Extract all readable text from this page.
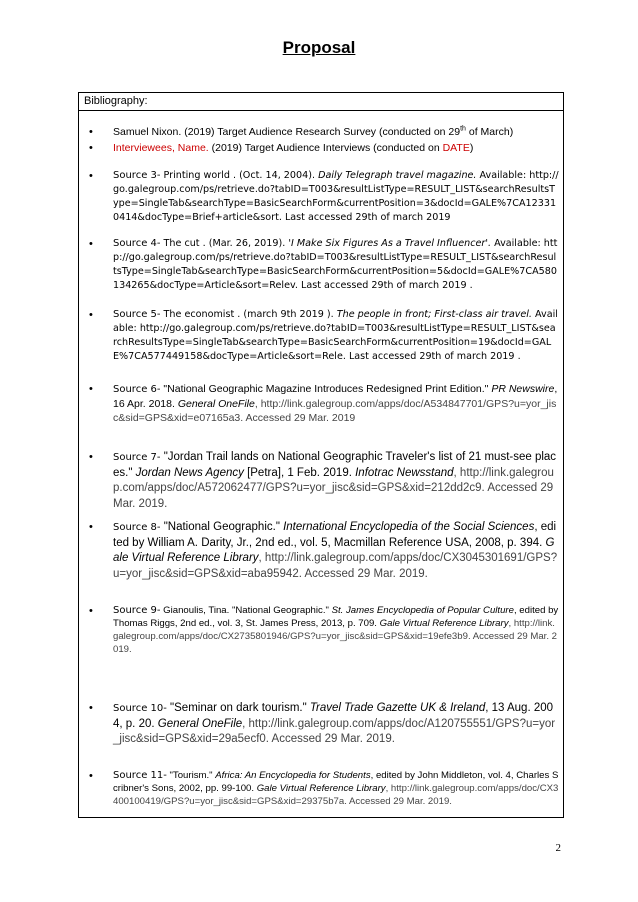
Proposal
Bibliography:
• Samuel Nixon. (2019) Target Audience Research Survey (conducted on 29th of March)
• Interviewees, Name. (2019) Target Audience Interviews (conducted on DATE)
• Source 3- Printing world . (Oct. 14, 2004). Daily Telegraph travel magazine. Available: http://go.galegroup.com/ps/retrieve.do?tabID=T003&resultListType=RESULT_LIST&searchResultsType=SingleTab&searchType=BasicSearchForm&currentPosition=3&docId=GALE%7CA123310414&docType=Brief+article&sort. Last accessed 29th of march 2019
• Source 4- The cut . (Mar. 26, 2019). 'I Make Six Figures As a Travel Influencer'. Available: http://go.galegroup.com/ps/retrieve.do?tabID=T003&resultListType=RESULT_LIST&searchResultsType=SingleTab&searchType=BasicSearchForm&currentPosition=5&docId=GALE%7CA580134265&docType=Article&sort=Relev. Last accessed 29th of march 2019 .
• Source 5- The economist . (march 9th 2019 ). The people in front; First-class air travel. Available: http://go.galegroup.com/ps/retrieve.do?tabID=T003&resultListType=RESULT_LIST&searchResultsType=SingleTab&searchType=BasicSearchForm&currentPosition=19&docId=GALE%7CA577449158&docType=Article&sort=Rele. Last accessed 29th of march 2019 .
• Source 6- "National Geographic Magazine Introduces Redesigned Print Edition." PR Newswire, 16 Apr. 2018. General OneFile, http://link.galegroup.com/apps/doc/A534847701/GPS?u=yor_jisc&sid=GPS&xid=e07165a3. Accessed 29 Mar. 2019
• Source 7- "Jordan Trail lands on National Geographic Traveler's list of 21 must-see places." Jordan News Agency [Petra], 1 Feb. 2019. Infotrac Newsstand, http://link.galegroup.com/apps/doc/A572062477/GPS?u=yor_jisc&sid=GPS&xid=212dd2c9. Accessed 29 Mar. 2019.
• Source 8- "National Geographic." International Encyclopedia of the Social Sciences, edited by William A. Darity, Jr., 2nd ed., vol. 5, Macmillan Reference USA, 2008, p. 394. Gale Virtual Reference Library, http://link.galegroup.com/apps/doc/CX3045301691/GPS?u=yor_jisc&sid=GPS&xid=aba95942. Accessed 29 Mar. 2019.
• Source 9- Gianoulis, Tina. "National Geographic." St. James Encyclopedia of Popular Culture, edited by Thomas Riggs, 2nd ed., vol. 3, St. James Press, 2013, p. 709. Gale Virtual Reference Library, http://link.galegroup.com/apps/doc/CX2735801946/GPS?u=yor_jisc&sid=GPS&xid=19efe3b9. Accessed 29 Mar. 2019.
• Source 10- "Seminar on dark tourism." Travel Trade Gazette UK & Ireland, 13 Aug. 2004, p. 20. General OneFile, http://link.galegroup.com/apps/doc/A120755551/GPS?u=yor_jisc&sid=GPS&xid=29a5ecf0. Accessed 29 Mar. 2019.
• Source 11- "Tourism." Africa: An Encyclopedia for Students, edited by John Middleton, vol. 4, Charles Scribner's Sons, 2002, pp. 99-100. Gale Virtual Reference Library, http://link.galegroup.com/apps/doc/CX3400100419/GPS?u=yor_jisc&sid=GPS&xid=29375b7a. Accessed 29 Mar. 2019.
2
